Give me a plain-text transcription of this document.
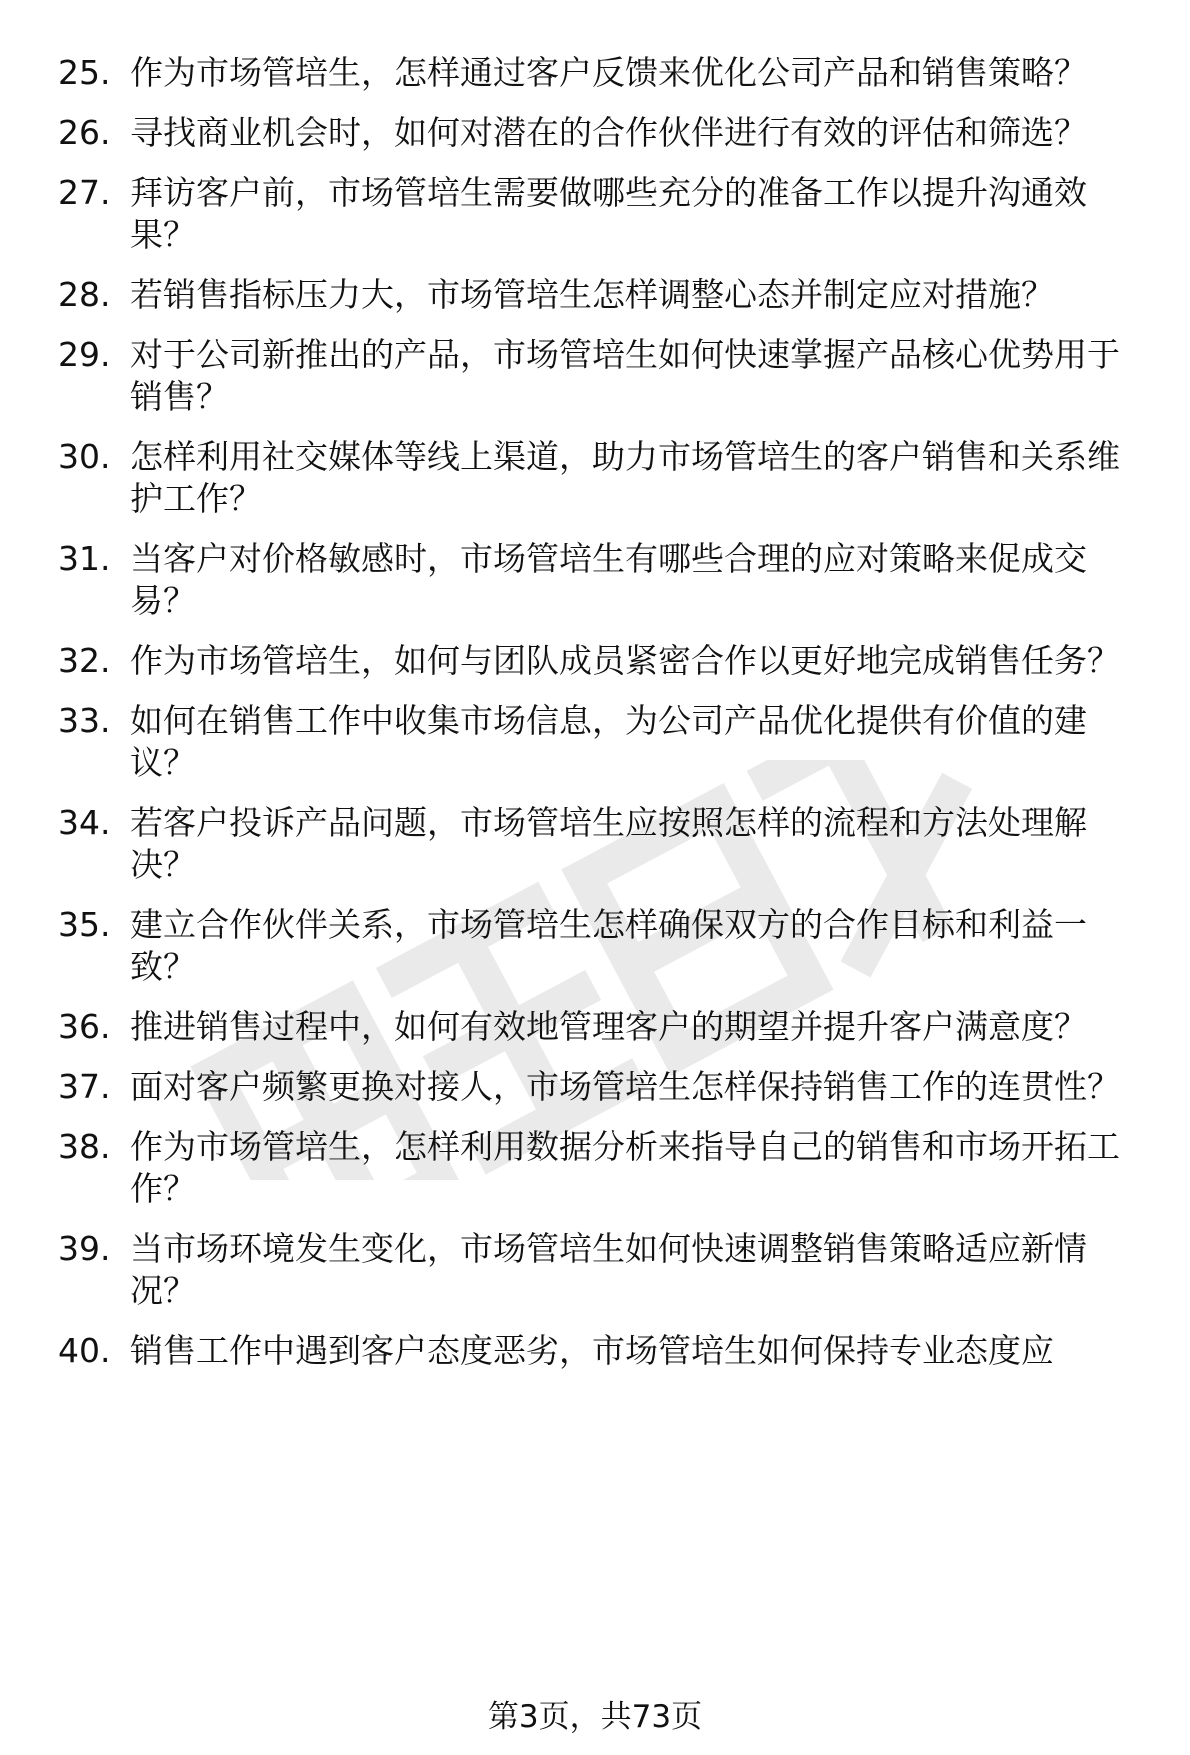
25. 作为市场管培生，怎样通过客户反馈来优化公司产品和销售策略？
26. 寻找商业机会时，如何对潜在的合作伙伴进行有效的评估和筛选？
27. 拜访客户前，市场管培生需要做哪些充分的准备工作以提升沟通效果？
28. 若销售指标压力大，市场管培生怎样调整心态并制定应对措施？
29. 对于公司新推出的产品，市场管培生如何快速掌握产品核心优势用于销售？
30. 怎样利用社交媒体等线上渠道，助力市场管培生的客户销售和关系维护工作？
31. 当客户对价格敏感时，市场管培生有哪些合理的应对策略来促成交易？
32. 作为市场管培生，如何与团队成员紧密合作以更好地完成销售任务？
33. 如何在销售工作中收集市场信息，为公司产品优化提供有价值的建议？
34. 若客户投诉产品问题，市场管培生应按照怎样的流程和方法处理解决？
35. 建立合作伙伴关系，市场管培生怎样确保双方的合作目标和利益一致？
36. 推进销售过程中，如何有效地管理客户的期望并提升客户满意度？
37. 面对客户频繁更换对接人，市场管培生怎样保持销售工作的连贯性？
38. 作为市场管培生，怎样利用数据分析来指导自己的销售和市场开拓工作？
39. 当市场环境发生变化，市场管培生如何快速调整销售策略适应新情况？
40. 销售工作中遇到客户态度恶劣，市场管培生如何保持专业态度应
第3页，共73页
